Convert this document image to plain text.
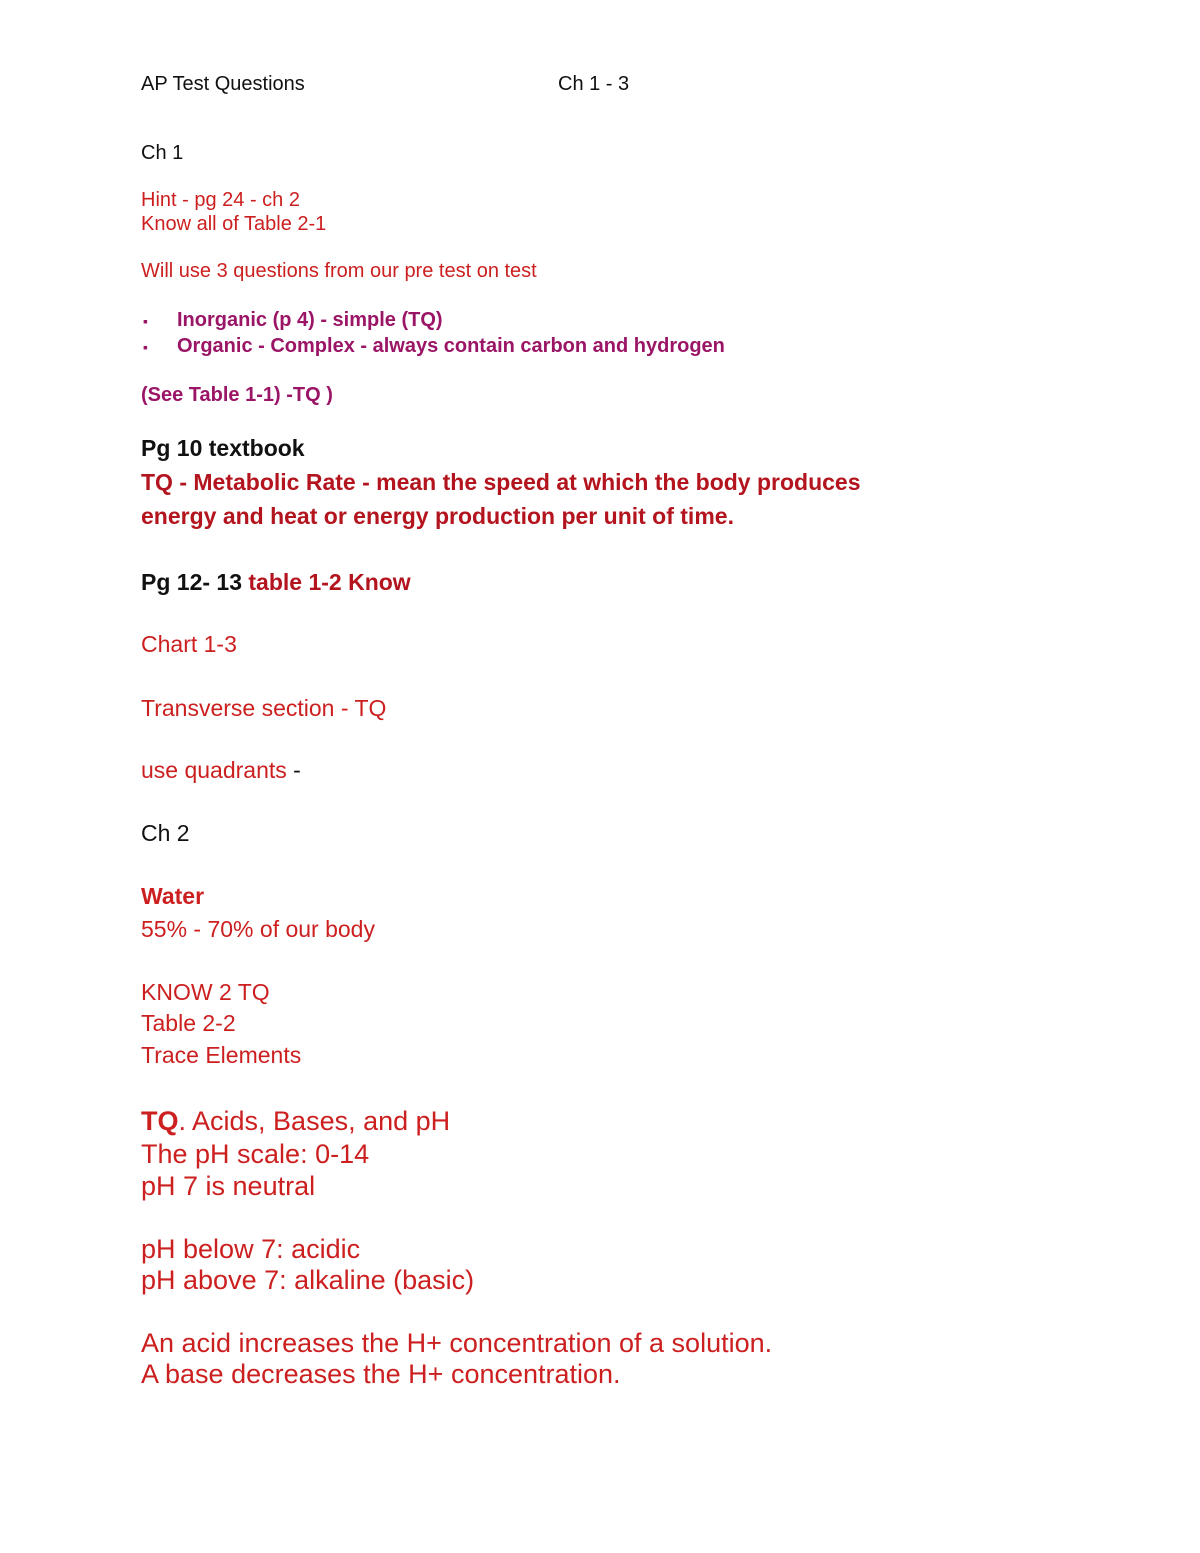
AP Test Questions	Ch 1 - 3
Ch 1
Hint - pg 24 - ch 2
Know all of Table 2-1
Will use 3 questions from our pre test on test
▪ Inorganic (p 4) - simple (TQ)
▪ Organic - Complex - always contain carbon and hydrogen
(See Table 1-1) -TQ )
Pg 10 textbook
TQ - Metabolic Rate - mean the speed at which the body produces
energy and heat or energy production per unit of time.
Pg 12- 13 table 1-2 Know
Chart 1-3
Transverse section - TQ
use quadrants -
Ch 2
Water
55% - 70% of our body
KNOW 2 TQ
Table 2-2
Trace Elements
TQ. Acids, Bases, and pH
The pH scale: 0-14
pH 7 is neutral
pH below 7: acidic
pH above 7: alkaline (basic)
An acid increases the H+ concentration of a solution.
A base decreases the H+ concentration.
